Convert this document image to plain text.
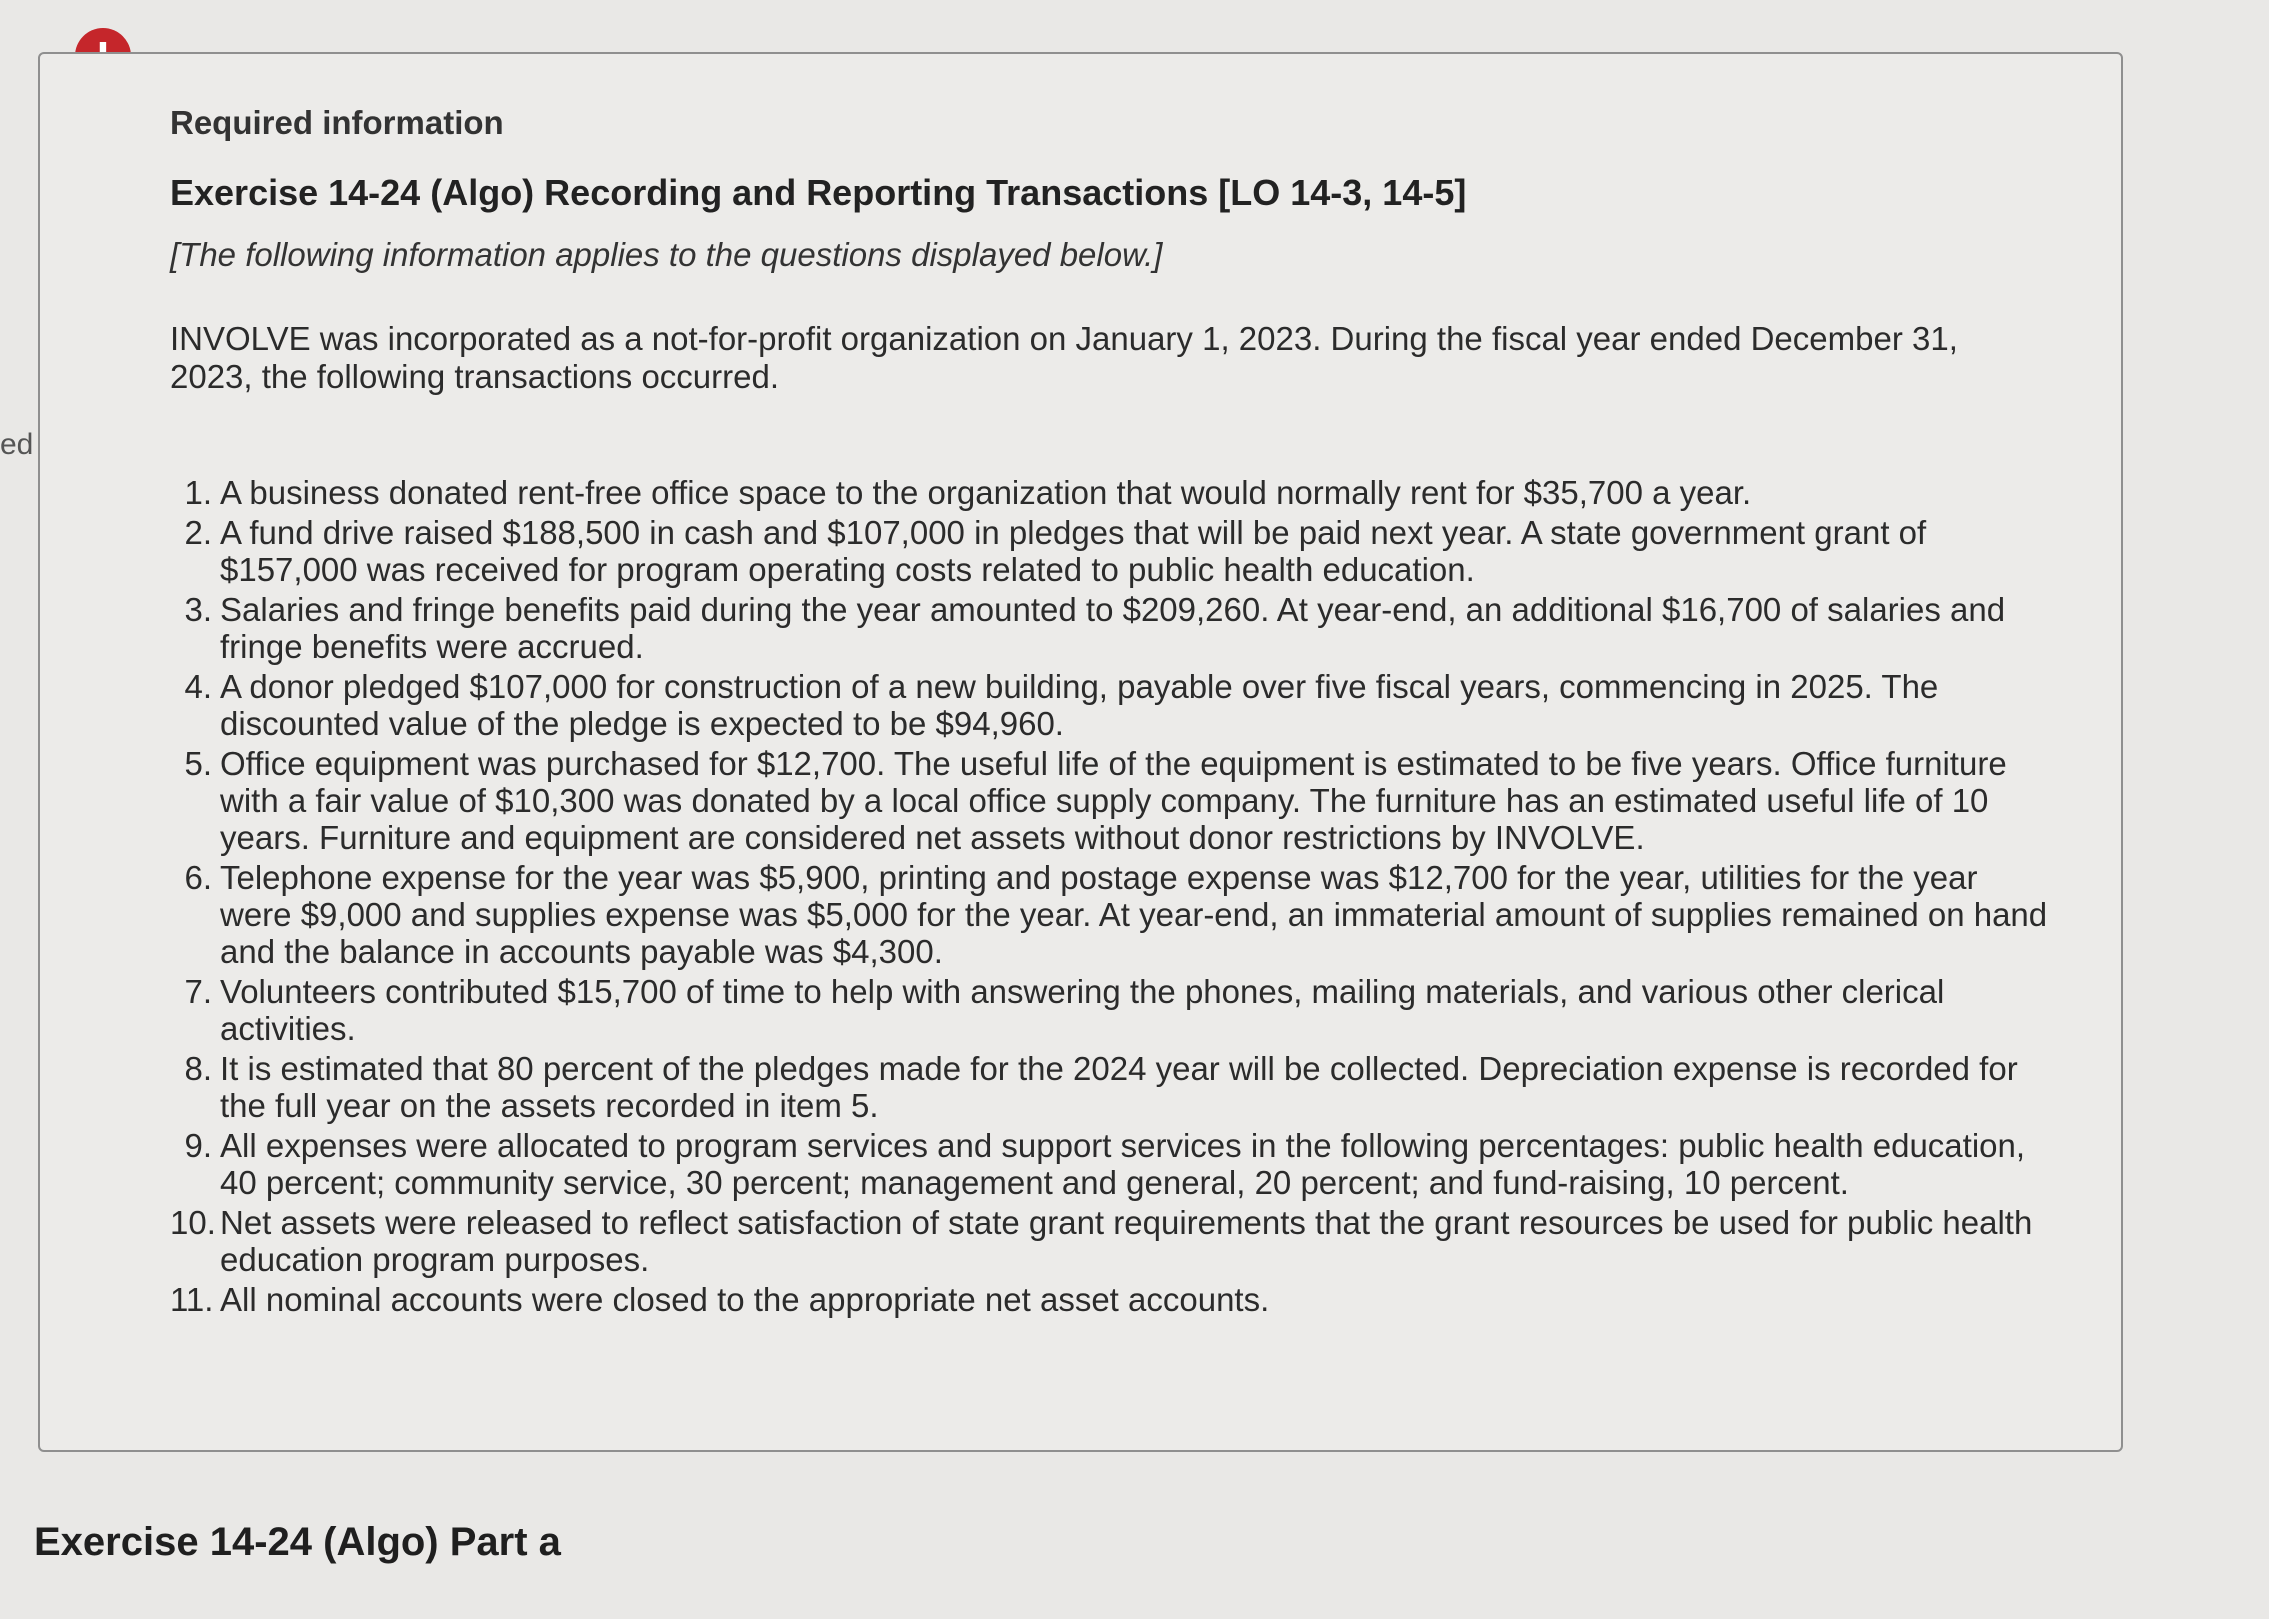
ed
Required information
Exercise 14-24 (Algo) Recording and Reporting Transactions [LO 14-3, 14-5]
[The following information applies to the questions displayed below.]
INVOLVE was incorporated as a not-for-profit organization on January 1, 2023. During the fiscal year ended December 31, 2023, the following transactions occurred.
1. A business donated rent-free office space to the organization that would normally rent for $35,700 a year.
2. A fund drive raised $188,500 in cash and $107,000 in pledges that will be paid next year. A state government grant of $157,000 was received for program operating costs related to public health education.
3. Salaries and fringe benefits paid during the year amounted to $209,260. At year-end, an additional $16,700 of salaries and fringe benefits were accrued.
4. A donor pledged $107,000 for construction of a new building, payable over five fiscal years, commencing in 2025. The discounted value of the pledge is expected to be $94,960.
5. Office equipment was purchased for $12,700. The useful life of the equipment is estimated to be five years. Office furniture with a fair value of $10,300 was donated by a local office supply company. The furniture has an estimated useful life of 10 years. Furniture and equipment are considered net assets without donor restrictions by INVOLVE.
6. Telephone expense for the year was $5,900, printing and postage expense was $12,700 for the year, utilities for the year were $9,000 and supplies expense was $5,000 for the year. At year-end, an immaterial amount of supplies remained on hand and the balance in accounts payable was $4,300.
7. Volunteers contributed $15,700 of time to help with answering the phones, mailing materials, and various other clerical activities.
8. It is estimated that 80 percent of the pledges made for the 2024 year will be collected. Depreciation expense is recorded for the full year on the assets recorded in item 5.
9. All expenses were allocated to program services and support services in the following percentages: public health education, 40 percent; community service, 30 percent; management and general, 20 percent; and fund-raising, 10 percent.
10. Net assets were released to reflect satisfaction of state grant requirements that the grant resources be used for public health education program purposes.
11. All nominal accounts were closed to the appropriate net asset accounts.
Exercise 14-24 (Algo) Part a
